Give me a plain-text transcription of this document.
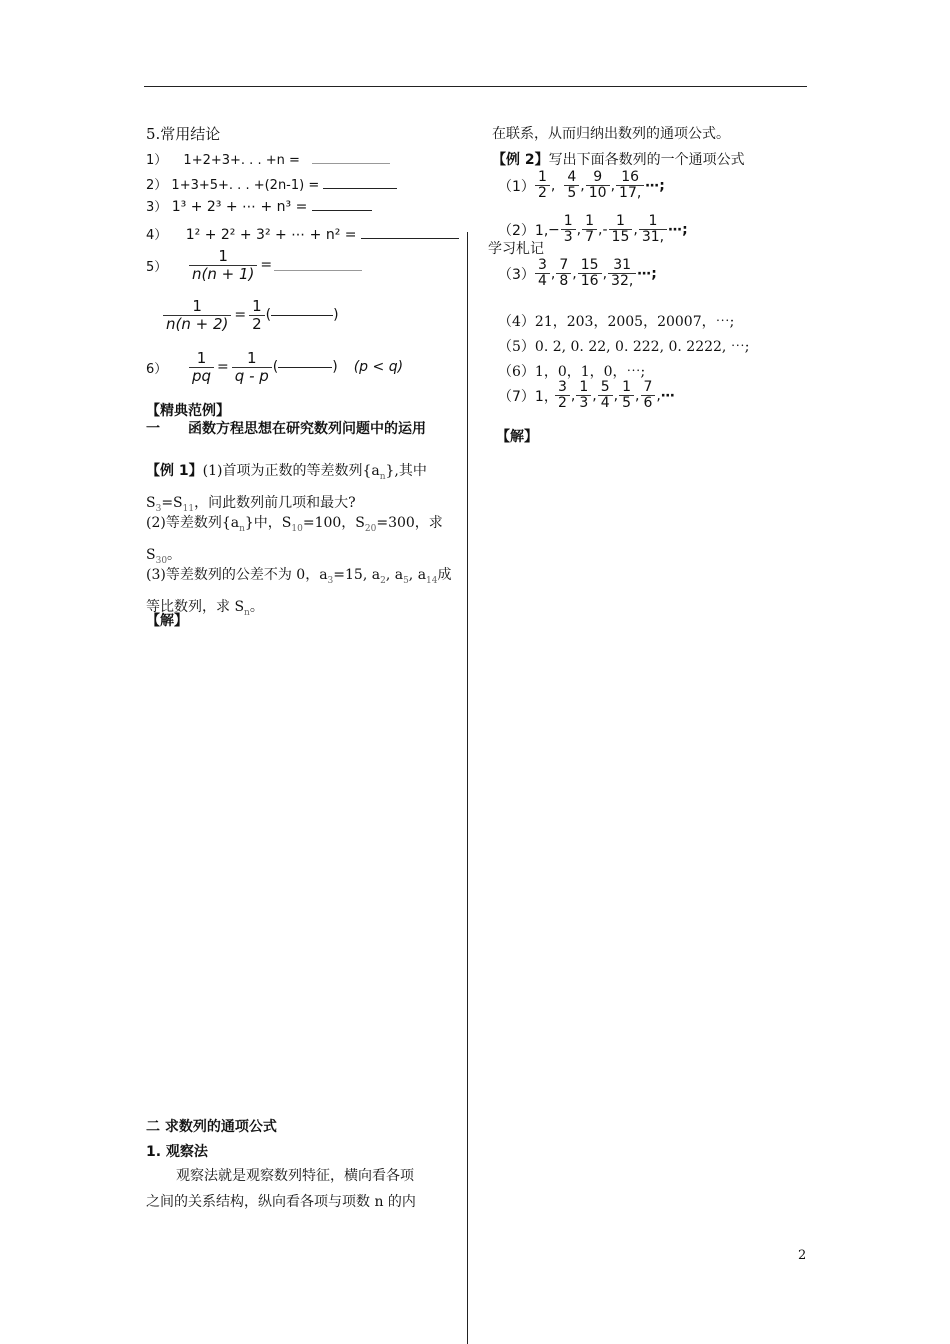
5.常用结论
1） 1+2+3+. . . +n =
2） 1+3+5+. . . +(2n-1) =
3） 1³ + 2³ + ⋯ + n³ =
4） 1² + 2² + 3² + ⋯ + n² =
5）	$\frac{1}{n(n + 1)}$ =
$\frac{1}{n(n + 2)} = \frac{1}{2}$ (	)
6）	$\frac{1}{pq} = \frac{1}{q - p}$ (	) (p < q)
【精典范例】
一　　函数方程思想在研究数列问题中的运用
【例 1】(1)首项为正数的等差数列$\{a_n\}$,其中 $S_3=S_{11}$，问此数列前几项和最大?
(2)等差数列$\{a_n\}$中，$S_{10}=100$，$S_{20}=300$，求 $S_{30}$。
(3)等差数列的公差不为 0，$a_3=15$, $a_2$, $a_5$, $a_{14}$成等比数列，求 $S_n$。
【解】
二 求数列的通项公式
1. 观察法
观察法就是观察数列特征，横向看各项
之间的关系结构，纵向看各项与项数 n 的内
在联系，从而归纳出数列的通项公式。
【例 2】写出下面各数列的一个通项公式
$(1) \frac{1}{2}$ , $\frac{4}{5}$ , $\frac{9}{10}$ , $\frac{16}{17,}$ ⋯;
学习札记
（2）1, − $\frac{1}{3}$ , $\frac{1}{7}$ ,- $\frac{1}{15}$ , $\frac{1}{31,}$ ⋯;
$(3) \frac{3}{4}$ , $\frac{7}{8}$ , $\frac{15}{16}$ , $\frac{31}{32,}$ ⋯;
（4）21，203，2005，20007，⋯;
（5）0. 2, 0. 22, 0. 222, 0. 2222, ⋯;
（6）1，0，1，0，⋯;
（7）1，
$\frac{3}{2}$ , $\frac{1}{3}$ , $\frac{5}{4}$ , $\frac{1}{5}$ , $\frac{7}{6}$ , ⋯
【解】
2
